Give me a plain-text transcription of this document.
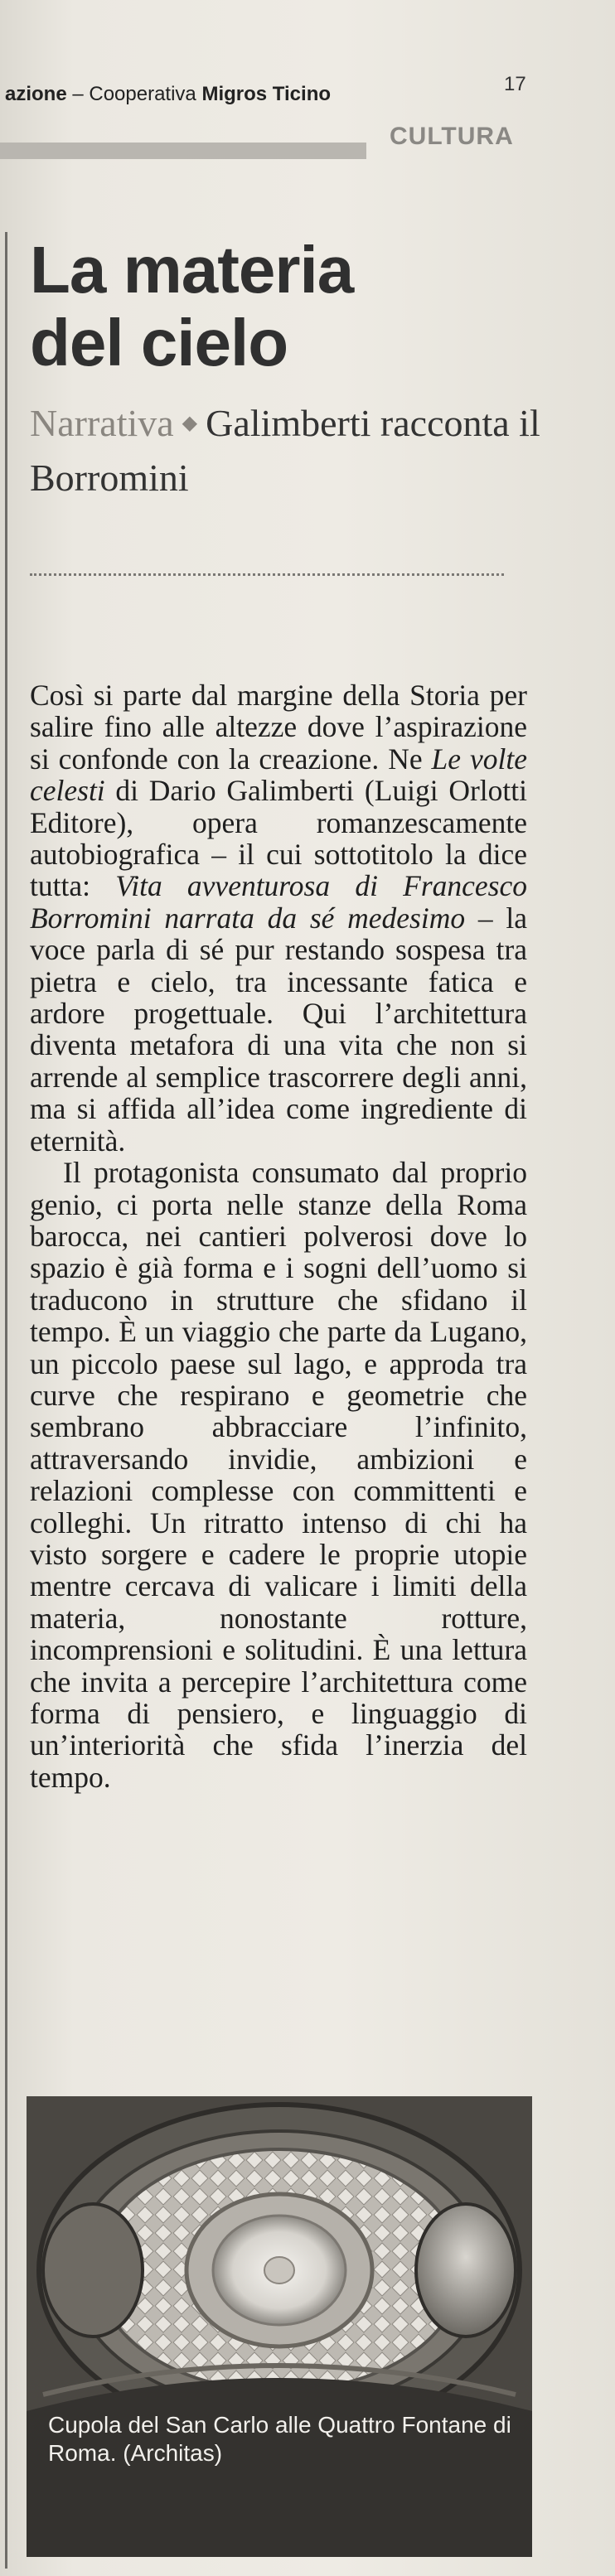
azione – Cooperativa Migros Ticino	17
CULTURA
La materia
del cielo
Narrativa ◆ Galimberti racconta il Borromini

Così si parte dal margine della Storia per salire fino alle altezze dove l’aspirazione si confonde con la creazione. Ne Le volte celesti di Dario Galimberti (Luigi Orlotti Editore), opera romanzescamente autobiografica – il cui sottotitolo la dice tutta: Vita avventurosa di Francesco Borromini narrata da sé medesimo – la voce parla di sé pur restando sospesa tra pietra e cielo, tra incessante fatica e ardore progettuale. Qui l’architettura diventa metafora di una vita che non si arrende al semplice trascorrere degli anni, ma si affida all’idea come ingrediente di eternità.

Il protagonista consumato dal proprio genio, ci porta nelle stanze della Roma barocca, nei cantieri polverosi dove lo spazio è già forma e i sogni dell’uomo si traducono in strutture che sfidano il tempo. È un viaggio che parte da Lugano, un piccolo paese sul lago, e approda tra curve che respirano e geometrie che sembrano abbracciare l’infinito, attraversando invidie, ambizioni e relazioni complesse con committenti e colleghi. Un ritratto intenso di chi ha visto sorgere e cadere le proprie utopie mentre cercava di valicare i limiti della materia, nonostante rotture, incomprensioni e solitudini. È una lettura che invita a percepire l’architettura come forma di pensiero, e linguaggio di un’interiorità che sfida l’inerzia del tempo.

Cupola del San Carlo alle Quattro Fontane di Roma. (Architas)
